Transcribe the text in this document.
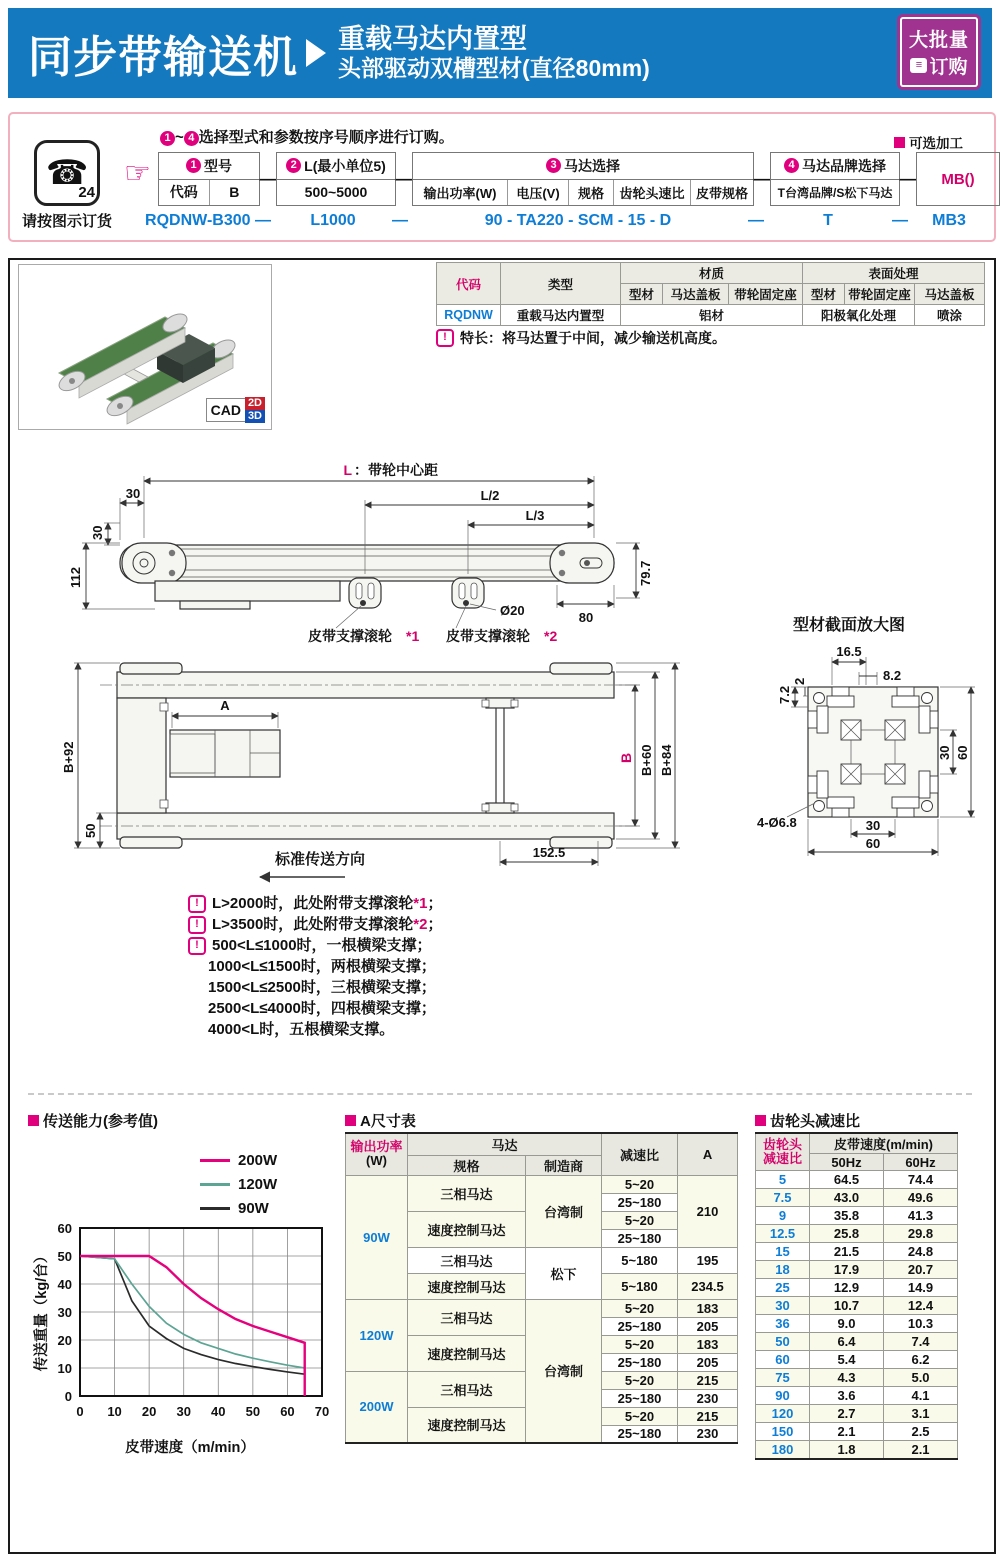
同步带输送机 重载马达内置型
头部驱动双槽型材(直径80mm)
大批量
≡ 订购
☎
24
请按图示订货
☞
1 ~ 4 选择型式和参数按序号顺序进行订购。	可选加工
1 型号
代码	B
—
2 L(最小单位5)
500~5000
—
3 马达选择
输出功率(W)	电压(V)	规格	齿轮头速比 皮带规格
—
4 马达品牌选择
T台湾品牌/S松下马达
—	MB()
RQDNW-B300 —	L1000	—	90 - TA220 - SCM - 15 - D	—	T	—	MB3
CAD 2D
3D
代码	类型	材质			表面处理		
		型材	马达盖板	带轮固定座	型材	带轮固定座	马达盖板
RQDNW	重载马达内置型	铝材			阳极氧化处理		喷涂
! 特长：将马达置于中间，减少输送机高度。
L ：带轮中心距
30	L/2
L/3
30
112	79.7
80
Ø20
皮带支撑滚轮 *1 皮带支撑滚轮 *2
A
B+92
50
B B+60 B+84
152.5
标准传送方向
型材截面放大图
16.5
8.2
7.2
2
30 60
30
60
4-Ø6.8
! L>2000时，此处附带支撑滚轮*1；
! L>3500时，此处附带支撑滚轮*2；
! 500<L≤1000时，一根横梁支撑；
1000<L≤1500时，两根横梁支撑；
1500<L≤2500时，三根横梁支撑；
2500<L≤4000时，四根横梁支撑；
4000<L时，五根横梁支撑。
传送能力(参考值)
200W
120W
90W
传送重量（kg/台）
皮带速度（m/min）
0 10 20 30 40 50 60 70
0
10
20
30
40
50
60
A尺寸表
输出功率
(W)	马达		减速比	A
	规格	制造商		
90W	三相马达	台湾制	5~20	210
			25~180	
	速度控制马达		5~20	
			25~180	
	三相马达	松下	5~180	195
	速度控制马达		5~180	234.5
120W	三相马达	台湾制	5~20	183
			25~180	205
	速度控制马达		5~20	183
			25~180	205
200W	三相马达		5~20	215
			25~180	230
	速度控制马达		5~20	215
			25~180	230
齿轮头减速比
齿轮头
减速比	皮带速度(m/min)	
	50Hz	60Hz
5	64.5	74.4
7.5	43.0	49.6
9	35.8	41.3
12.5	25.8	29.8
15	21.5	24.8
18	17.9	20.7
25	12.9	14.9
30	10.7	12.4
36	9.0	10.3
50	6.4	7.4
60	5.4	6.2
75	4.3	5.0
90	3.6	4.1
120	2.7	3.1
150	2.1	2.5
180	1.8	2.1
